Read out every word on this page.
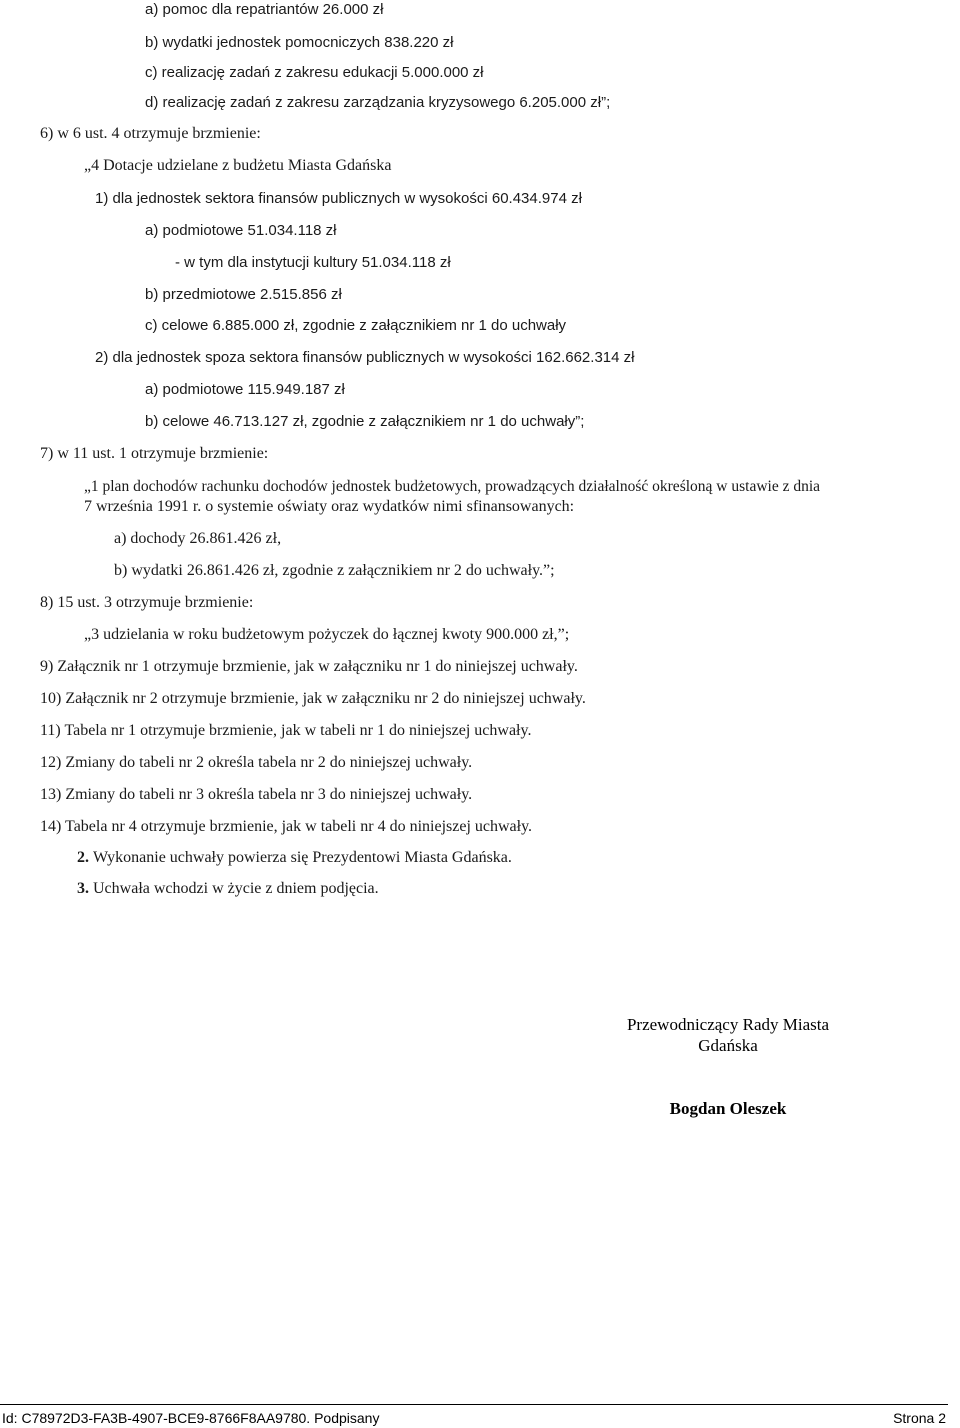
a) pomoc dla repatriantów 26.000 zł
b) wydatki jednostek pomocniczych 838.220 zł
c) realizację zadań z zakresu edukacji 5.000.000 zł
d) realizację zadań z zakresu zarządzania kryzysowego 6.205.000 zł”;
6) w 6 ust. 4 otrzymuje brzmienie:
„4 Dotacje udzielane z budżetu Miasta Gdańska
1) dla jednostek sektora finansów publicznych w wysokości 60.434.974 zł
a) podmiotowe 51.034.118 zł
- w tym dla instytucji kultury 51.034.118 zł
b) przedmiotowe 2.515.856 zł
c) celowe 6.885.000 zł, zgodnie z załącznikiem nr 1 do uchwały
2) dla jednostek spoza sektora finansów publicznych w wysokości 162.662.314 zł
a) podmiotowe 115.949.187 zł
b) celowe 46.713.127 zł, zgodnie z załącznikiem nr 1 do uchwały”;
7) w 11 ust. 1 otrzymuje brzmienie:
„1 plan dochodów rachunku dochodów jednostek budżetowych, prowadzących działalność określoną w ustawie z dnia
7 września 1991 r. o systemie oświaty oraz wydatków nimi sfinansowanych:
a) dochody 26.861.426 zł,
b) wydatki 26.861.426 zł, zgodnie z załącznikiem nr 2 do uchwały.”;
8) 15 ust. 3 otrzymuje brzmienie:
„3 udzielania w roku budżetowym pożyczek do łącznej kwoty 900.000 zł,”;
9) Załącznik nr 1 otrzymuje brzmienie, jak w załączniku nr 1 do niniejszej uchwały.
10) Załącznik nr 2 otrzymuje brzmienie, jak w załączniku nr 2 do niniejszej uchwały.
11) Tabela nr 1 otrzymuje brzmienie, jak w tabeli nr 1 do niniejszej uchwały.
12) Zmiany do tabeli nr 2 określa tabela nr 2 do niniejszej uchwały.
13) Zmiany do tabeli nr 3 określa tabela nr 3 do niniejszej uchwały.
14) Tabela nr 4 otrzymuje brzmienie, jak w tabeli nr 4 do niniejszej uchwały.
2. Wykonanie uchwały powierza się Prezydentowi Miasta Gdańska.
3. Uchwała wchodzi w życie z dniem podjęcia.
Przewodniczący Rady Miasta
Gdańska
Bogdan Oleszek
Id: C78972D3-FA3B-4907-BCE9-8766F8AA9780. Podpisany	Strona 2
